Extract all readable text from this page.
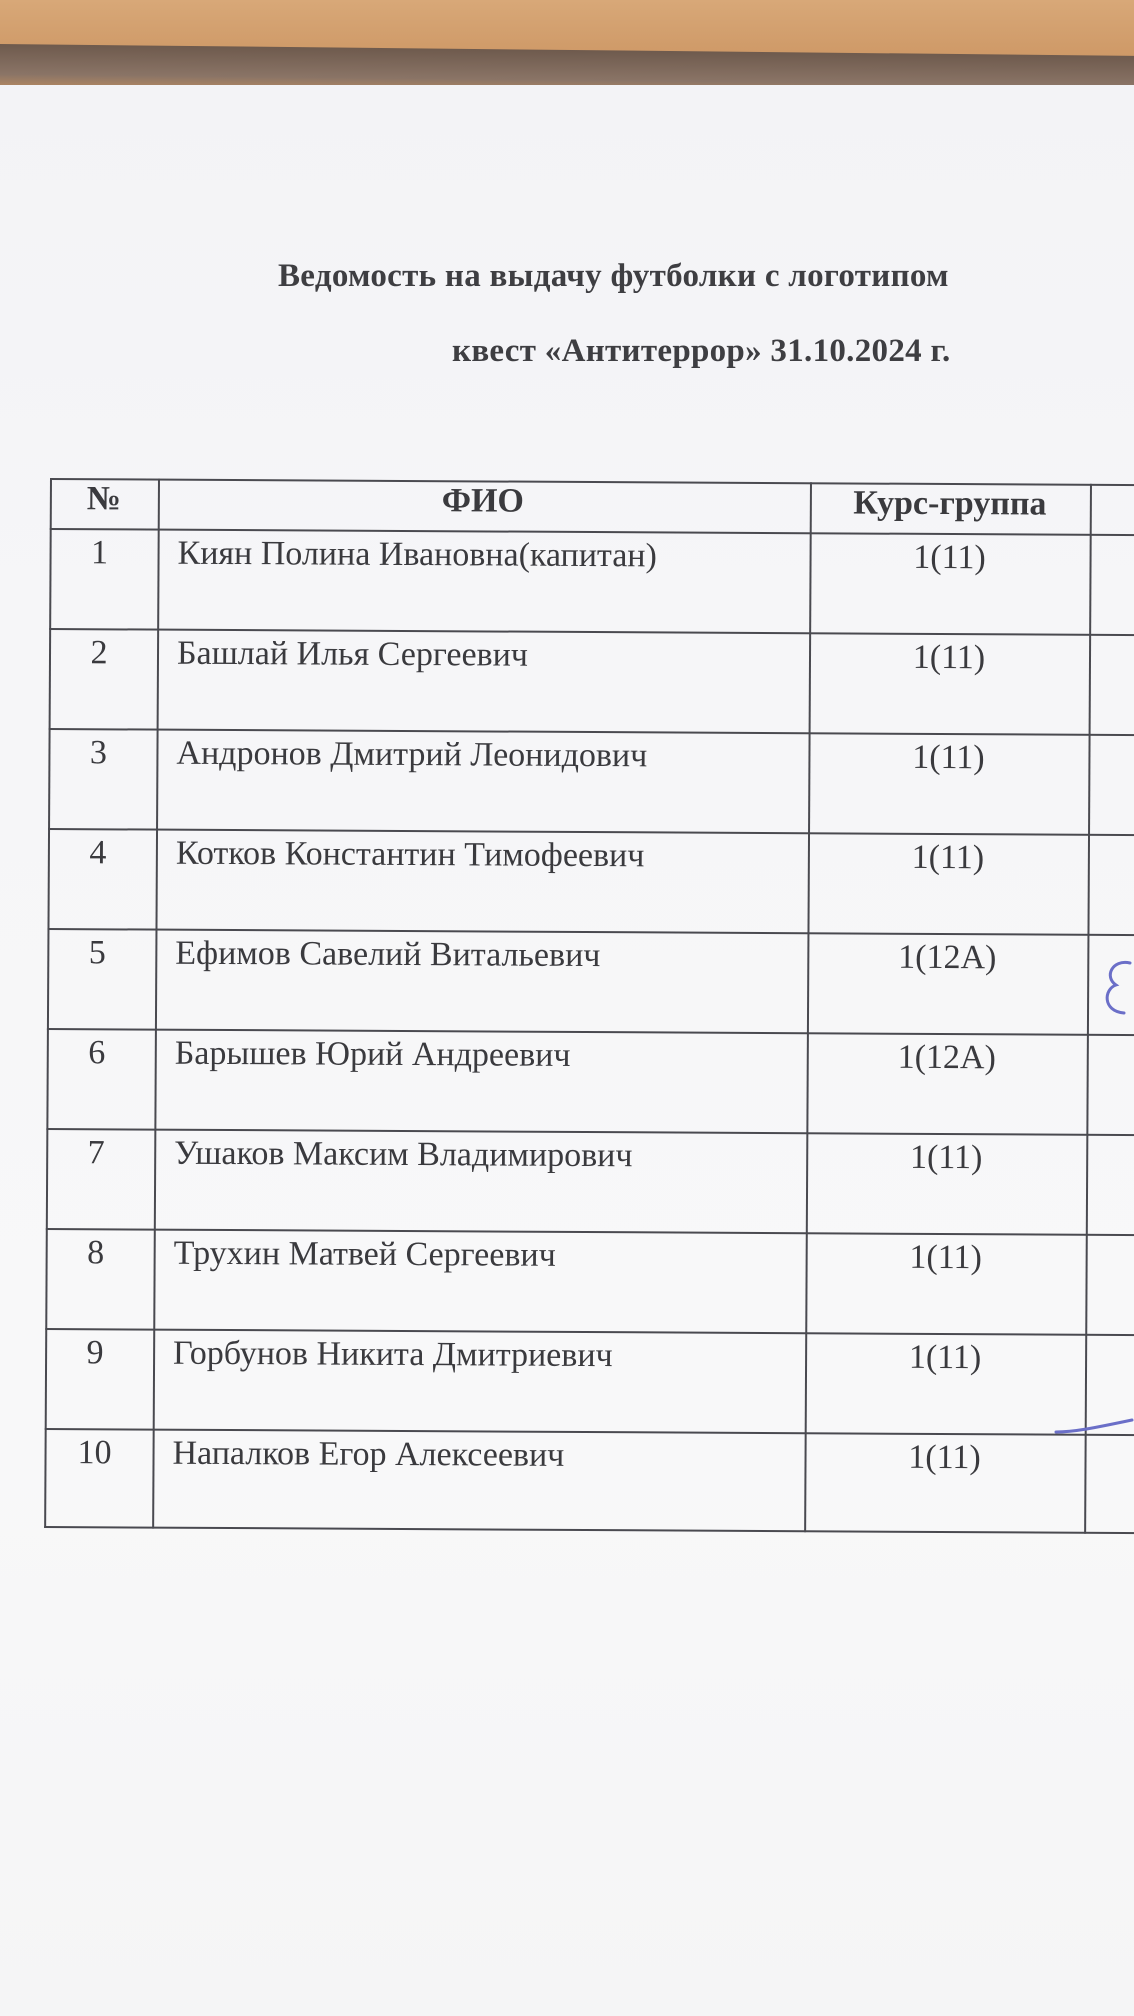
Ведомость на выдачу футболки с логотипом
квест «Антитеррор» 31.10.2024 г.
№	ФИО	Курс-группа
1	Киян Полина Ивановна(капитан)	1(11)
2	Башлай Илья Сергеевич	1(11)
3	Андронов Дмитрий Леонидович	1(11)
4	Котков Константин Тимофеевич	1(11)
5	Ефимов Савелий Витальевич	1(12А)
6	Барышев Юрий Андреевич	1(12А)
7	Ушаков Максим Владимирович	1(11)
8	Трухин Матвей Сергеевич	1(11)
9	Горбунов Никита Дмитриевич	1(11)
10	Напалков Егор Алексеевич	1(11)
